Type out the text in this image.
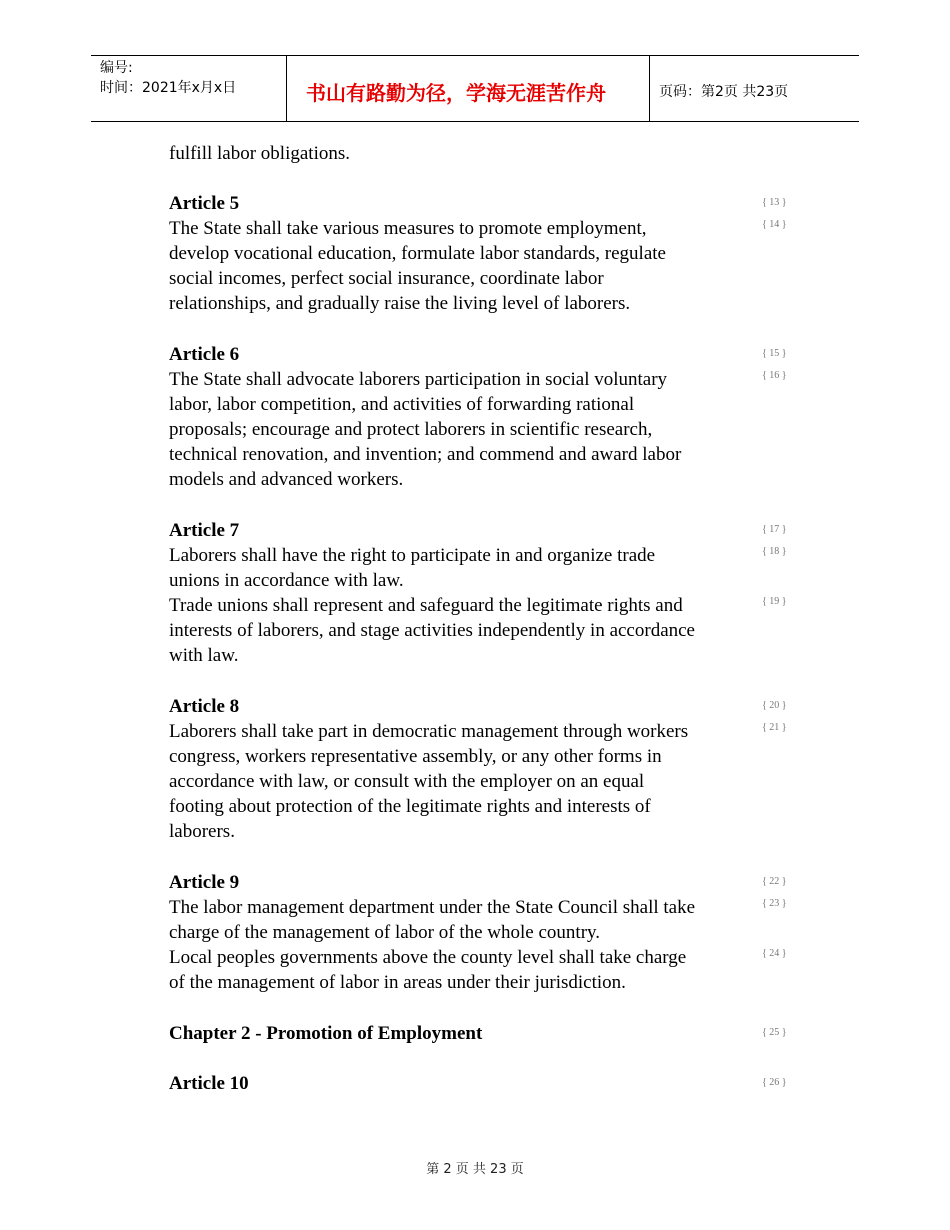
编号:
时间：2021年x月x日	书山有路勤为径，学海无涯苦作舟	页码：第2页 共23页
fulfill labor obligations.
Article 5
The State shall take various measures to promote employment,
develop vocational education, formulate labor standards, regulate
social incomes, perfect social insurance, coordinate labor
relationships, and gradually raise the living level of laborers.
Article 6
The State shall advocate laborers participation in social voluntary
labor, labor competition, and activities of forwarding rational
proposals; encourage and protect laborers in scientific research,
technical renovation, and invention; and commend and award labor
models and advanced workers.
Article 7
Laborers shall have the right to participate in and organize trade
unions in accordance with law.
Trade unions shall represent and safeguard the legitimate rights and
interests of laborers, and stage activities independently in accordance
with law.
Article 8
Laborers shall take part in democratic management through workers
congress, workers representative assembly, or any other forms in
accordance with law, or consult with the employer on an equal
footing about protection of the legitimate rights and interests of
laborers.
Article 9
The labor management department under the State Council shall take
charge of the management of labor of the whole country.
Local peoples governments above the county level shall take charge
of the management of labor in areas under their jurisdiction.
Chapter 2 - Promotion of Employment
Article 10
{ 13 }
{ 14 }
{ 15 }
{ 16 }
{ 17 }
{ 18 }
{ 19 }
{ 20 }
{ 21 }
{ 22 }
{ 23 }
{ 24 }
{ 25 }
{ 26 }
第 2 页 共 23 页
